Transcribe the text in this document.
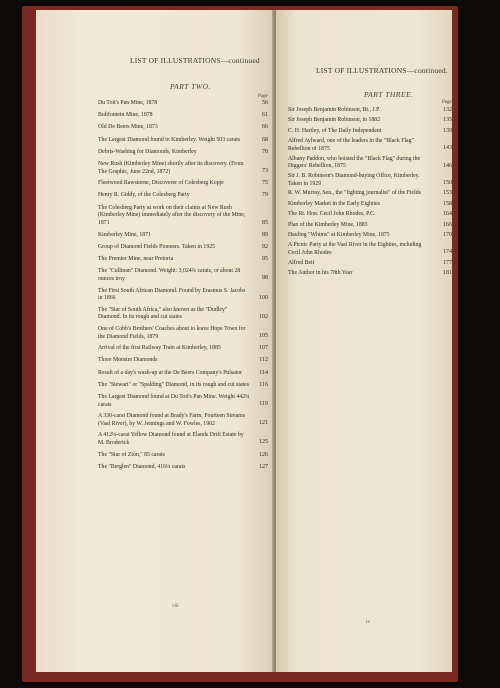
LIST OF ILLUSTRATIONS—continued
PART TWO.
Page
Du Toit's Pan Mine, 1878	56
Bultfontein Mine, 1878	61
Old De Beers Mine, 1873	66
The Largest Diamond found in Kimberley. Weight 503 carats	68
Debris-Washing for Diamonds, Kimberley	70
New Rush (Kimberley Mine) shortly after its discovery. (From The Graphic, June 22nd, 1872)	73
Fleetwood Rawstorne, Discoverer of Colesberg Kopje	75
Henry R. Giddy, of the Colesberg Party	79
The Colesberg Party at work on their claims at New Rush (Kimberley Mine) immediately after the discovery of the Mine, 1871	85
Kimberley Mine, 1871	89
Group of Diamond Fields Pioneers. Taken in 1925	92
The Premier Mine, near Pretoria	95
The "Cullinan" Diamond. Weight: 3,024¾ carats, or about 28 ounces troy	98
The First South African Diamond. Found by Erasmus S. Jacobs in 1866	100
The "Star of South Africa," also known as the "Dudley" Diamond. In its rough and cut states	102
One of Cobb's Brothers' Coaches about to leave Hope Town for the Diamond Fields, 1879	105
Arrival of the first Railway Train at Kimberley, 1885	107
Three Monster Diamonds	112
Result of a day's wash-up at the De Beers Company's Pulsator	114
The "Stewart" or "Spalding" Diamond, in its rough and cut states 116
The Largest Diamond found at Du Toit's Pan Mine. Weight 442¼ carats	119
A 330-carat Diamond found at Brady's Farm, Fourteen Streams (Vaal River), by W. Jennings and W. Fowles, 1902	121
A 412¼-carat Yellow Diamond found at Elands Drift Estate by M. Broderick	125
The "Star of Zion," 85 carats	126
The "Berglen" Diamond, 416¼ carats	127
viii
LIST OF ILLUSTRATIONS—continued.
PART THREE.
Page
Sir Joseph Benjamin Robinson, Bt., J.P.	132
Sir Joseph Benjamin Robinson, in 1882	135
C. H. Hartley, of The Daily Independent	139
Alfred Aylward, one of the leaders in the "Black Flag" Rebellion of 1875	143
Albany Paddon, who hoisted the "Black Flag" during the Diggers' Rebellion, 1875	146
Sir J. B. Robinson's Diamond-buying Office, Kimberley. Taken in 1929	150
R. W. Murray, Sen., the "fighting journalist" of the Fields	153
Kimberley Market in the Early Eighties	158
The Rt. Hon. Cecil John Rhodes, P.C.	164
Plan of the Kimberley Mine, 1883	166
Hauling "Whims" at Kimberley Mine, 1875	170
A Picnic Party at the Vaal River in the Eighties, including Cecil John Rhodes	174
Alfred Beit	177
The Author in his 78th Year	181
ix
